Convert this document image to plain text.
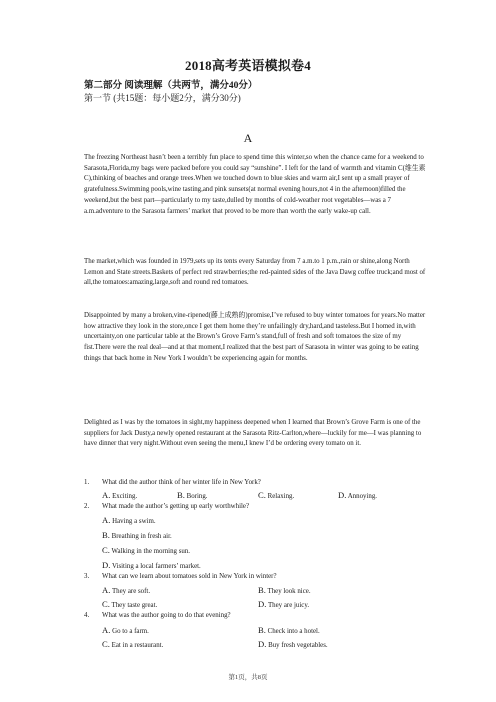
2018高考英语模拟卷4
第二部分 阅读理解（共两节，满分40分）
第一节 (共15题：每小题2分，满分30分)
A

The freezing Northeast hasn’t been a terribly fun place to spend time this winter,so when the chance came for a weekend to Sarasota,Florida,my bags were packed before you could say “sunshine”. I left for the land of warmth and vitamin C(维生素C),thinking of beaches and orange trees.When we touched down to blue skies and warm air,I sent up a small prayer of gratefulness.Swimming pools,wine tasting,and pink sunsets(at normal evening hours,not 4 in the afternoon)filled the weekend,but the best part—particularly to my taste,dulled by months of cold-weather root vegetables—was a 7 a.m.adventure to the Sarasota farmers’ market that proved to be more than worth the early wake-up call.

The market,which was founded in 1979,sets up its tents every Saturday from 7 a.m.to 1 p.m.,rain or shine,along North Lemon and State streets.Baskets of perfect red strawberries;the red-painted sides of the Java Dawg coffee truck;and most of all,the tomatoes:amazing,large,soft and round red tomatoes.

Disappointed by many a broken,vine-ripened(藤上成熟的)promise,I’ve refused to buy winter tomatoes for years.No matter how attractive they look in the store,once I get them home they’re unfailingly dry,hard,and tasteless.But I homed in,with uncertainty,on one particular table at the Brown’s Grove Farm’s stand,full of fresh and soft tomatoes the size of my fist.There were the real deal—and at that moment,I realized that the best part of Sarasota in winter was going to be eating things that back home in New York I wouldn’t be experiencing again for months.

Delighted as I was by the tomatoes in sight,my happiness deepened when I learned that Brown’s Grove Farm is one of the suppliers for Jack Dusty,a newly opened restaurant at the Sarasota Ritz-Carlton,where—luckily for me—I was planning to have dinner that very night.Without even seeing the menu,I knew I’d be ordering every tomato on it.

1. What did the author think of her winter life in New York?
A. Exciting.	B. Boring.	C. Relaxing.	D. Annoying.
2. What made the author’s getting up early worthwhile?
A. Having a swim.
B. Breathing in fresh air.
C. Walking in the morning sun.
D. Visiting a local farmers’ market.
3. What can we learn about tomatoes sold in New York in winter?
A. They are soft.	B. They look nice.
C. They taste great.	D. They are juicy.
4. What was the author going to do that evening?
A. Go to a farm.	B. Check into a hotel.
C. Eat in a restaurant.	D. Buy fresh vegetables.
第1页，共8页
